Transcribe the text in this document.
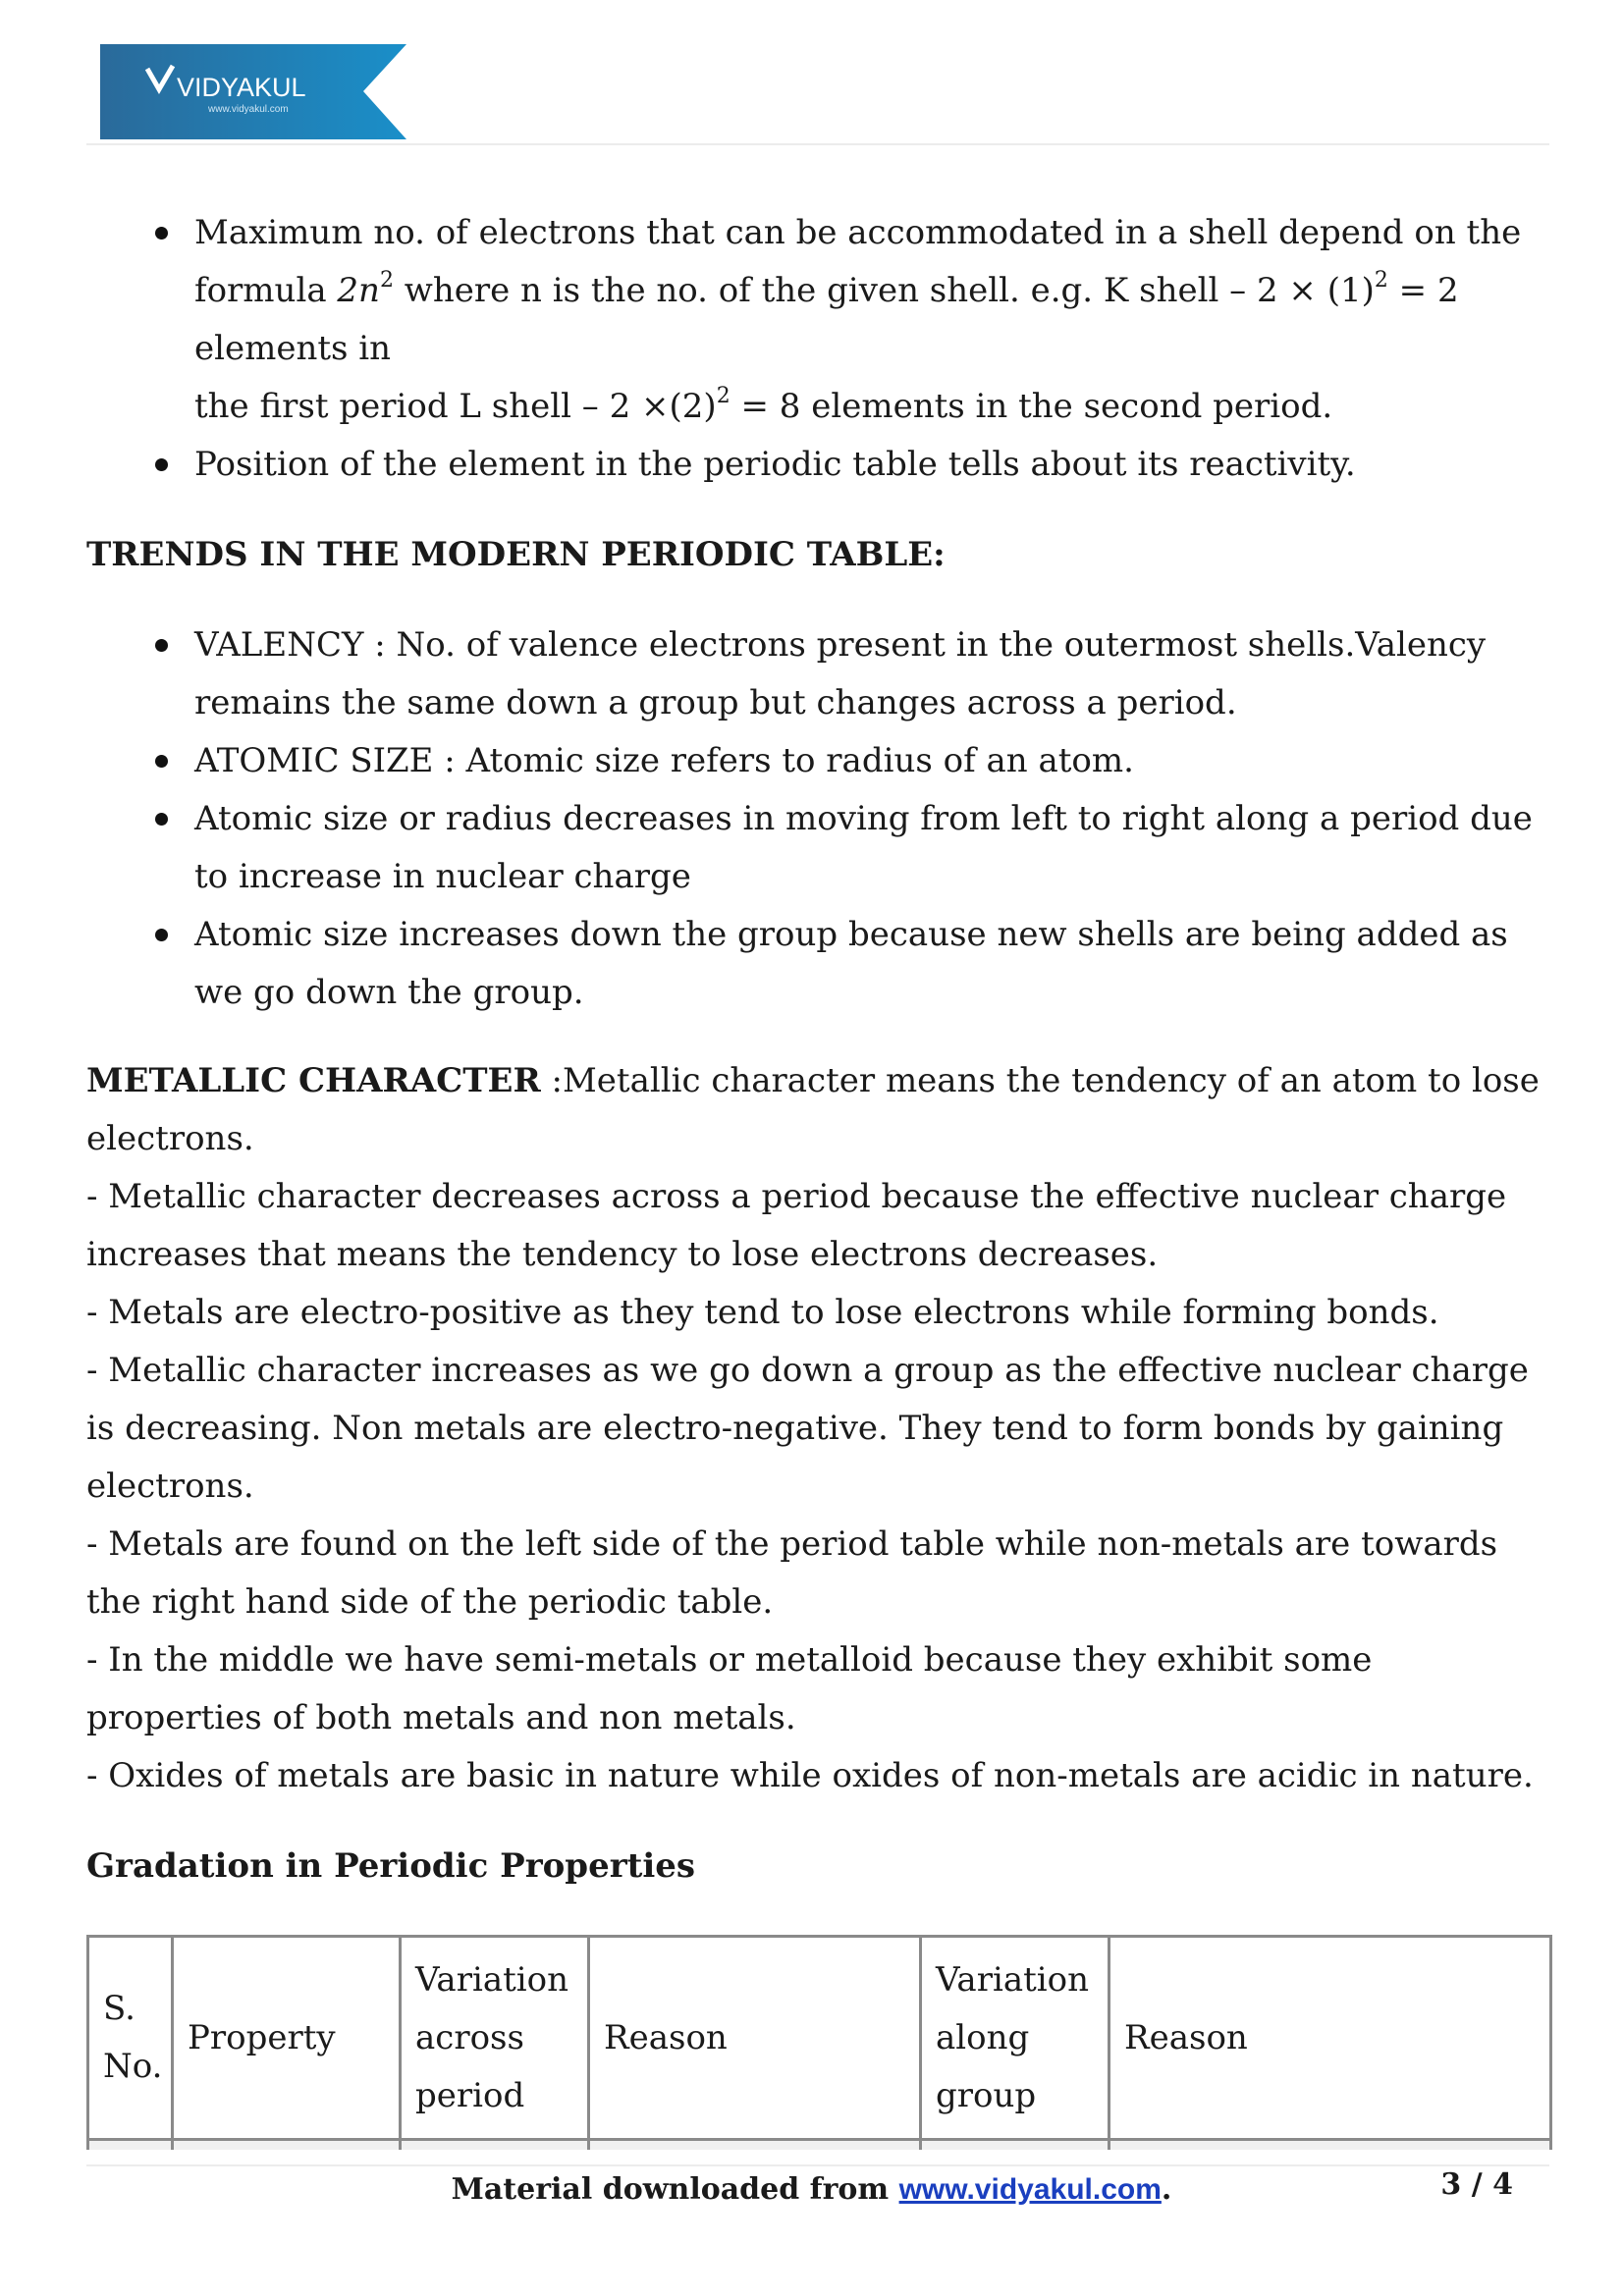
VIDYAKUL
www.vidyakul.com
Maximum no. of electrons that can be accommodated in a shell depend on the
formula $2n^2$ where n is the no. of the given shell. e.g. K shell – $2 \times (1)^2 = 2$ elements in
the first period L shell – $2 \times(2)^2 = 8$ elements in the second period.
Position of the element in the periodic table tells about its reactivity.
TRENDS IN THE MODERN PERIODIC TABLE:
VALENCY : No. of valence electrons present in the outermost shells.Valency remains the same down a group but changes across a period.
ATOMIC SIZE : Atomic size refers to radius of an atom.
Atomic size or radius decreases in moving from left to right along a period due to increase in nuclear charge
Atomic size increases down the group because new shells are being added as we go down the group.
METALLIC CHARACTER :Metallic character means the tendency of an atom to lose electrons.

- Metallic character decreases across a period because the effective nuclear charge increases that means the tendency to lose electrons decreases.

- Metals are electro-positive as they tend to lose electrons while forming bonds.

- Metallic character increases as we go down a group as the effective nuclear charge is decreasing. Non metals are electro-negative. They tend to form bonds by gaining electrons.

- Metals are found on the left side of the period table while non-metals are towards the right hand side of the periodic table.

- In the middle we have semi-metals or metalloid because they exhibit some properties of both metals and non metals.

- Oxides of metals are basic in nature while oxides of non-metals are acidic in nature.

Gradation in Periodic Properties
S. No.	Property	Variation across period	Reason	Variation along group	Reason

Material downloaded from www.vidyakul.com.	3 / 4
